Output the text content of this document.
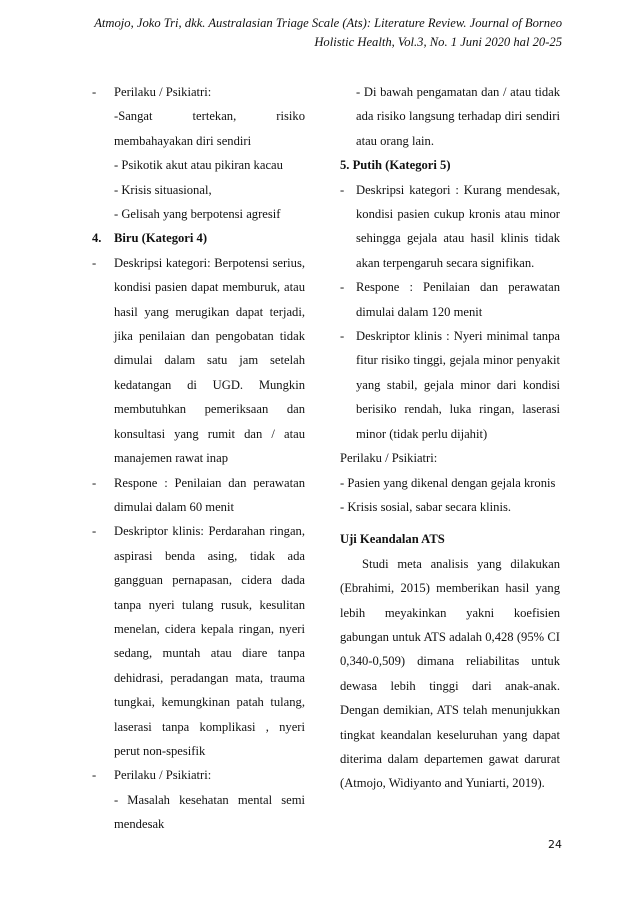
Atmojo, Joko Tri, dkk. Australasian Triage Scale (Ats): Literature Review. Journal of Borneo
Holistic Health, Vol.3, No. 1 Juni 2020 hal 20-25
- Perilaku / Psikiatri:
-Sangat tertekan, risiko membahayakan diri sendiri
- Psikotik akut atau pikiran kacau
- Krisis situasional,
- Gelisah yang berpotensi agresif
4. Biru (Kategori 4)
- Deskripsi kategori: Berpotensi serius, kondisi pasien dapat memburuk, atau hasil yang merugikan dapat terjadi, jika penilaian dan pengobatan tidak dimulai dalam satu jam setelah kedatangan di UGD. Mungkin membutuhkan pemeriksaan dan konsultasi yang rumit dan / atau manajemen rawat inap
- Respone : Penilaian dan perawatan dimulai dalam 60 menit
- Deskriptor klinis: Perdarahan ringan, aspirasi benda asing, tidak ada gangguan pernapasan, cidera dada tanpa nyeri tulang rusuk, kesulitan menelan, cidera kepala ringan, nyeri sedang, muntah atau diare tanpa dehidrasi, peradangan mata, trauma tungkai, kemungkinan patah tulang, laserasi tanpa komplikasi , nyeri perut non-spesifik
- Perilaku / Psikiatri:
- Masalah kesehatan mental semi mendesak
- Di bawah pengamatan dan / atau tidak ada risiko langsung terhadap diri sendiri atau orang lain.
5. Putih (Kategori 5)
- Deskripsi kategori : Kurang mendesak, kondisi pasien cukup kronis atau minor sehingga gejala atau hasil klinis tidak akan terpengaruh secara signifikan.
- Respone : Penilaian dan perawatan dimulai dalam 120 menit
- Deskriptor klinis : Nyeri minimal tanpa fitur risiko tinggi, gejala minor penyakit yang stabil, gejala minor dari kondisi berisiko rendah, luka ringan, laserasi minor (tidak perlu dijahit)
Perilaku / Psikiatri:
- Pasien yang dikenal dengan gejala kronis
- Krisis sosial, sabar secara klinis.
Uji Keandalan ATS
Studi meta analisis yang dilakukan (Ebrahimi, 2015) memberikan hasil yang lebih meyakinkan yakni koefisien gabungan untuk ATS adalah 0,428 (95% CI 0,340-0,509) dimana reliabilitas untuk dewasa lebih tinggi dari anak-anak. Dengan demikian, ATS telah menunjukkan tingkat keandalan keseluruhan yang dapat diterima dalam departemen gawat darurat (Atmojo, Widiyanto and Yuniarti, 2019).
24
